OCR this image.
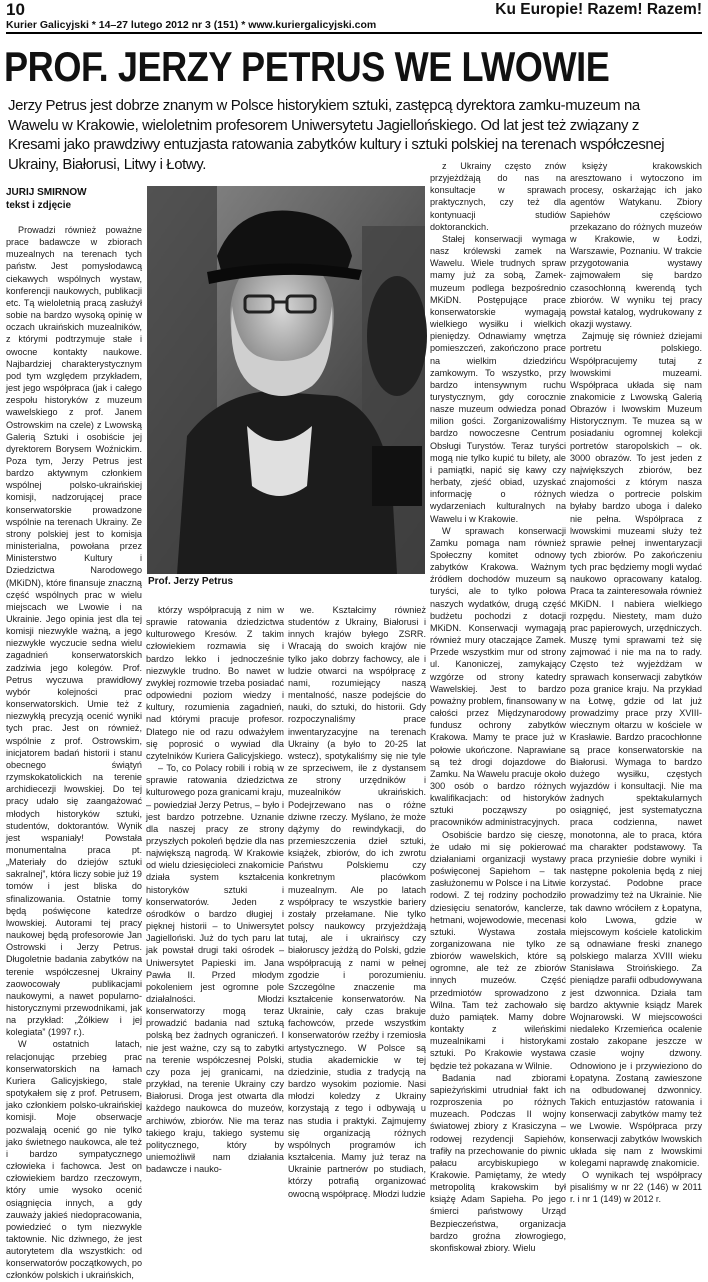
10
Kurier Galicyjski * 14–27 lutego 2012 nr 3 (151) * www.kuriergalicyjski.com
Ku Europie! Razem! Razem!
PROF. JERZY PETRUS WE LWOWIE
Jerzy Petrus jest dobrze znanym w Polsce historykiem sztuki, zastępcą dyrektora zamku-muzeum na Wawelu w Krakowie, wieloletnim profesorem Uniwersytetu Jagiellońskiego. Od lat jest też związany z Kresami jako prawdziwy entuzjasta ratowania zabytków kultury i sztuki polskiej na terenach współczesnej Ukrainy, Białorusi, Litwy i Łotwy.
JURIJ SMIRNOW
tekst i zdjęcie
Prof. Jerzy Petrus

Prowadzi również poważne prace badawcze w zbiorach muzealnych na terenach tych państw. Jest pomysłodawcą ciekawych wspólnych wystaw, konferencji naukowych, publikacji etc. Tą wieloletnią pracą zasłużył sobie na bardzo wysoką opinię w oczach ukraińskich muzealników, z którymi podtrzymuje stałe i owocne kontakty naukowe. Najbardziej charakterystycznym pod tym względem przykładem, jest jego współpraca (jak i całego zespołu historyków z muzeum wawelskiego z prof. Janem Ostrowskim na czele) z Lwowską Galerią Sztuki i osobiście jej dyrektorem Borysem Woźnickim. Poza tym, Jerzy Petrus jest bardzo aktywnym członkiem wspólnej polsko-ukraińskiej komisji, nadzorującej prace konserwatorskie prowadzone wspólnie na terenach Ukrainy. Ze strony polskiej jest to komisja ministerialna, powołana przez Ministerstwo Kultury i Dziedzictwa Narodowego (MKiDN), które finansuje znaczną część wspólnych prac w wielu miejscach we Lwowie i na Ukrainie. Jego opinia jest dla tej komisji niezwykle ważną, a jego niezwykłe wyczucie sedna wielu zagadnień konserwatorskich zadziwia jego kolegów. Prof. Petrus wyczuwa prawidłowy wybór kolejności prac konserwatorskich. Umie też z niezwykłą precyzją ocenić wyniki tych prac. Jest on również, wspólnie z prof. Ostrowskim, inicjatorem badań historii i stanu obecnego świątyń rzymskokatolickich na terenie archidiecezji lwowskiej. Do tej pracy udało się zaangażować młodych historyków sztuki, studentów, doktorantów. Wynik jest wspaniały! Powstała monumentalna praca pt. „Materiały do dziejów sztuki sakralnej”, która liczy sobie już 19 tomów i jest bliska do sfinalizowania. Ostatnie tomy będą poświęcone katedrze lwowskiej. Autorami tej pracy naukowej będą profesorowie Jan Ostrowski i Jerzy Petrus. Długoletnie badania zabytków na terenie współczesnej Ukrainy zaowocowały publikacjami naukowymi, a nawet popularno-historycznymi przewodnikami, jak na przykład: „Żółkiew i jej kolegiata” (1997 r.).

W ostatnich latach, relacjonując przebieg prac konserwatorskich na łamach Kuriera Galicyjskiego, stale spotykałem się z prof. Petrusem, jako członkiem polsko-ukraińskiej komisji. Moje obserwacje pozwalają ocenić go nie tylko jako świetnego naukowca, ale też i bardzo sympatycznego człowieka i fachowca. Jest on człowiekiem bardzo rzeczowym, który umie wysoko ocenić osiągnięcia innych, a gdy zauważy jakieś niedopracowania, powiedzieć o tym niezwykle taktownie. Nic dziwnego, że jest autorytetem dla wszystkich: od konserwatorów początkowych, po członków polskich i ukraińskich,

którzy współpracują z nim w sprawie ratowania dziedzictwa kulturowego Kresów. Z takim człowiekiem rozmawia się i bardzo lekko i jednocześnie niezwykle trudno. Bo nawet w zwykłej rozmowie trzeba posiadać odpowiedni poziom wiedzy i kultury, rozumienia zagadnień, nad którymi pracuje profesor. Dlatego nie od razu odważyłem się poprosić o wywiad dla czytelników Kuriera Galicyjskiego.

– To, co Polacy robili i robią w sprawie ratowania dziedzictwa kulturowego poza granicami kraju, – powiedział Jerzy Petrus, – było i jest bardzo potrzebne. Uznanie dla naszej pracy ze strony przyszłych pokoleń będzie dla nas największą nagrodą. W Krakowie od wielu dziesięcioleci znakomicie działa system kształcenia historyków sztuki i konserwatorów. Jeden z ośrodków o bardzo długiej i pięknej historii – to Uniwersytet Jagielloński. Już do tych paru lat jak powstał drugi taki ośrodek – Uniwersytet Papieski im. Jana Pawła II. Przed młodym pokoleniem jest ogromne pole działalności. Młodzi konserwatorzy mogą teraz prowadzić badania nad sztuką polską bez żadnych ograniczeń. I nie jest ważne, czy są to zabytki na terenie współczesnej Polski, czy poza jej granicami, na przykład, na terenie Ukrainy czy Białorusi. Droga jest otwarta dla każdego naukowca do muzeów, archiwów, zbiorów. Nie ma teraz takiego kraju, takiego systemu politycznego, który by uniemożliwił nam działania badawcze i nauko-

we. Kształcimy również studentów z Ukrainy, Białorusi i innych krajów byłego ZSRR. Wracają do swoich krajów nie tylko jako dobrzy fachowcy, ale i ludzie otwarci na współpracę z nami, rozumiejący naszą mentalność, nasze podejście do nauki, do sztuki, do historii. Gdy rozpoczynaliśmy prace inwentaryzacyjne na terenach Ukrainy (a było to 20-25 lat wstecz), spotykaliśmy się nie tyle ze sprzeciwem, ile z dystansem ze strony urzędników i muzealników ukraińskich. Podejrzewano nas o różne dziwne rzeczy. Myślano, że może dążymy do rewindykacji, do przemieszczenia dzieł sztuki, książek, zbiorów, do ich zwrotu Państwu Polskiemu czy konkretnym placówkom muzealnym. Ale po latach współpracy te wszystkie bariery zostały przełamane. Nie tylko polscy naukowcy przyjeżdżają tutaj, ale i ukraińscy czy białoruscy jeżdżą do Polski, gdzie współpracują z nami w pełnej zgodzie i porozumieniu. Szczególne znaczenie ma kształcenie konserwatorów. Na Ukrainie, cały czas brakuje fachowców, przede wszystkim konserwatorów rzeźby i rzemiosła artystycznego. W Polsce są studia akademickie w tej dziedzinie, studia z tradycją na bardzo wysokim poziomie. Nasi młodzi koledzy z Ukrainy korzystają z tego i odbywają u nas studia i praktyki. Zajmujemy się organizacją różnych wspólnych programów ich kształcenia. Mamy już teraz na Ukrainie partnerów po studiach, którzy potrafią organizować owocną współpracę. Młodzi ludzie

z Ukrainy często znów przyjeżdżają do nas na konsultacje w sprawach praktycznych, czy też dla kontynuacji studiów doktoranckich.

Stałej konserwacji wymaga nasz królewski zamek na Wawelu. Wiele trudnych spraw mamy już za sobą, Zamek-muzeum podlega bezpośrednio MKiDN. Postępujące prace konserwatorskie wymagają wielkiego wysiłku i wielkich pieniędzy. Odnawiamy wnętrza pomieszczeń, zakończono prace na wielkim dziedzińcu zamkowym. To wszystko, przy bardzo intensywnym ruchu turystycznym, gdy corocznie nasze muzeum odwiedza ponad milion gości. Zorganizowaliśmy bardzo nowoczesne Centrum Obsługi Turystów. Teraz turyści mogą nie tylko kupić tu bilety, ale i pamiątki, napić się kawy czy herbaty, zjeść obiad, uzyskać informację o różnych wydarzeniach kulturalnych na Wawelu i w Krakowie.

W sprawach konserwacji Zamku pomaga nam również Społeczny komitet odnowy zabytków Krakowa. Ważnym źródłem dochodów muzeum są turyści, ale to tylko połowa naszych wydatków, drugą część budżetu pochodzi z dotacji MKiDN. Konserwacji wymagają również mury otaczające Zamek. Przede wszystkim mur od strony ul. Kanoniczej, zamykający wzgórze od strony katedry Wawelskiej. Jest to bardzo poważny problem, finansowany w całości przez Międzynarodowy fundusz ochrony zabytków Krakowa. Mamy te prace już w połowie ukończone. Naprawiane są też drogi dojazdowe do Zamku. Na Wawelu pracuje około 300 osób o bardzo różnych kwalifikacjach: od historyków sztuki począwszy po pracowników administracyjnych.

Osobiście bardzo się cieszę, że udało mi się pokierować działaniami organizacji wystawy poświęconej Sapiehom – tak zasłużonemu w Polsce i na Litwie rodowi. Z tej rodziny pochodziło dziesięciu senatorów, kanclerze, hetmani, wojewodowie, mecenasi sztuki. Wystawa została zorganizowana nie tylko ze zbiorów wawelskich, które są ogromne, ale też ze zbiorów innych muzeów. Część przedmiotów sprowadzono z Wilna. Tam też zachowało się dużo pamiątek. Mamy dobre kontakty z wileńskimi muzealnikami i historykami sztuki. Po Krakowie wystawa będzie też pokazana w Wilnie.

Badania nad zbiorami sapieżyńskimi utrudniał fakt ich rozproszenia po różnych muzeach. Podczas II wojny światowej zbiory z Krasiczyna – rodowej rezydencji Sapiehów, trafiły na przechowanie do piwnic pałacu arcybiskupiego w Krakowie. Pamiętamy, że wtedy metropolitą krakowskim był książę Adam Sapieha. Po jego śmierci państwowy Urząd Bezpieczeństwa, organizacja bardzo groźna złowrogiego, skonfiskował zbiory. Wielu

księży krakowskich aresztowano i wytoczono im procesy, oskarżając ich jako agentów Watykanu. Zbiory Sapiehów częściowo przekazano do różnych muzeów w Krakowie, w Łodzi, Warszawie, Poznaniu. W trakcie przygotowania wystawy zajmowałem się bardzo czasochłonną kwerendą tych zbiorów. W wyniku tej pracy powstał katalog, wydrukowany z okazji wystawy.

Zajmuję się również dziejami portretu polskiego. Współpracujemy tutaj z lwowskimi muzeami. Współpraca układa się nam znakomicie z Lwowską Galerią Obrazów i lwowskim Muzeum Historycznym. Te muzea są w posiadaniu ogromnej kolekcji portretów staropolskich – ok. 3000 obrazów. To jest jeden z największych zbiorów, bez znajomości z którym nasza wiedza o portrecie polskim byłaby bardzo uboga i daleko nie pełna. Współpraca z lwowskimi muzeami służy też sprawie pełnej inwentaryzacji tych zbiorów. Po zakończeniu tych prac będziemy mogli wydać naukowo opracowany katalog. Praca ta zainteresowała również MKiDN. I nabiera wielkiego rozpędu. Niestety, mam dużo prac papierowych, urzędniczych. Muszę tymi sprawami też się zajmować i nie ma na to rady. Często też wyjeżdżam w sprawach konserwacji zabytków poza granice kraju. Na przykład na Łotwę, gdzie od lat już prowadzimy prace przy XVIII-wiecznym ołtarzu w kościele w Krasławie. Bardzo pracochłonne są prace konserwatorskie na Białorusi. Wymaga to bardzo dużego wysiłku, częstych wyjazdów i konsultacji. Nie ma żadnych spektakularnych osiągnięć, jest systematyczna praca codzienna, nawet monotonna, ale to praca, która ma charakter podstawowy. Ta praca przynieśie dobre wyniki i następne pokolenia będą z niej korzystać. Podobne prace prowadzimy też na Ukrainie. Nie tak dawno wróciłem z Łopatyna, koło Lwowa, gdzie w miejscowym kościele katolickim są odnawiane freski znanego polskiego malarza XVIII wieku Stanisława Stroińskiego. Za pieniądze parafii odbudowywana jest dzwonnica. Działa tam bardzo aktywnie ksiądz Marek Wojnarowski. W miejscowości niedaleko Krzemieńca ocalenie zostało zakopane jeszcze w czasie wojny dzwony. Odnowiono je i przywieziono do Łopatyna. Zostaną zawieszone na odbudowanej dzwonnicy. Takich entuzjastów ratowania i konserwacji zabytków mamy też we Lwowie. Współpraca przy konserwacji zabytków lwowskich układa się nam z lwowskimi kolegami naprawdę znakomicie.

O wynikach tej współpracy pisaliśmy w nr 22 (146) w 2011 r. i nr 1 (149) w 2012 r.
